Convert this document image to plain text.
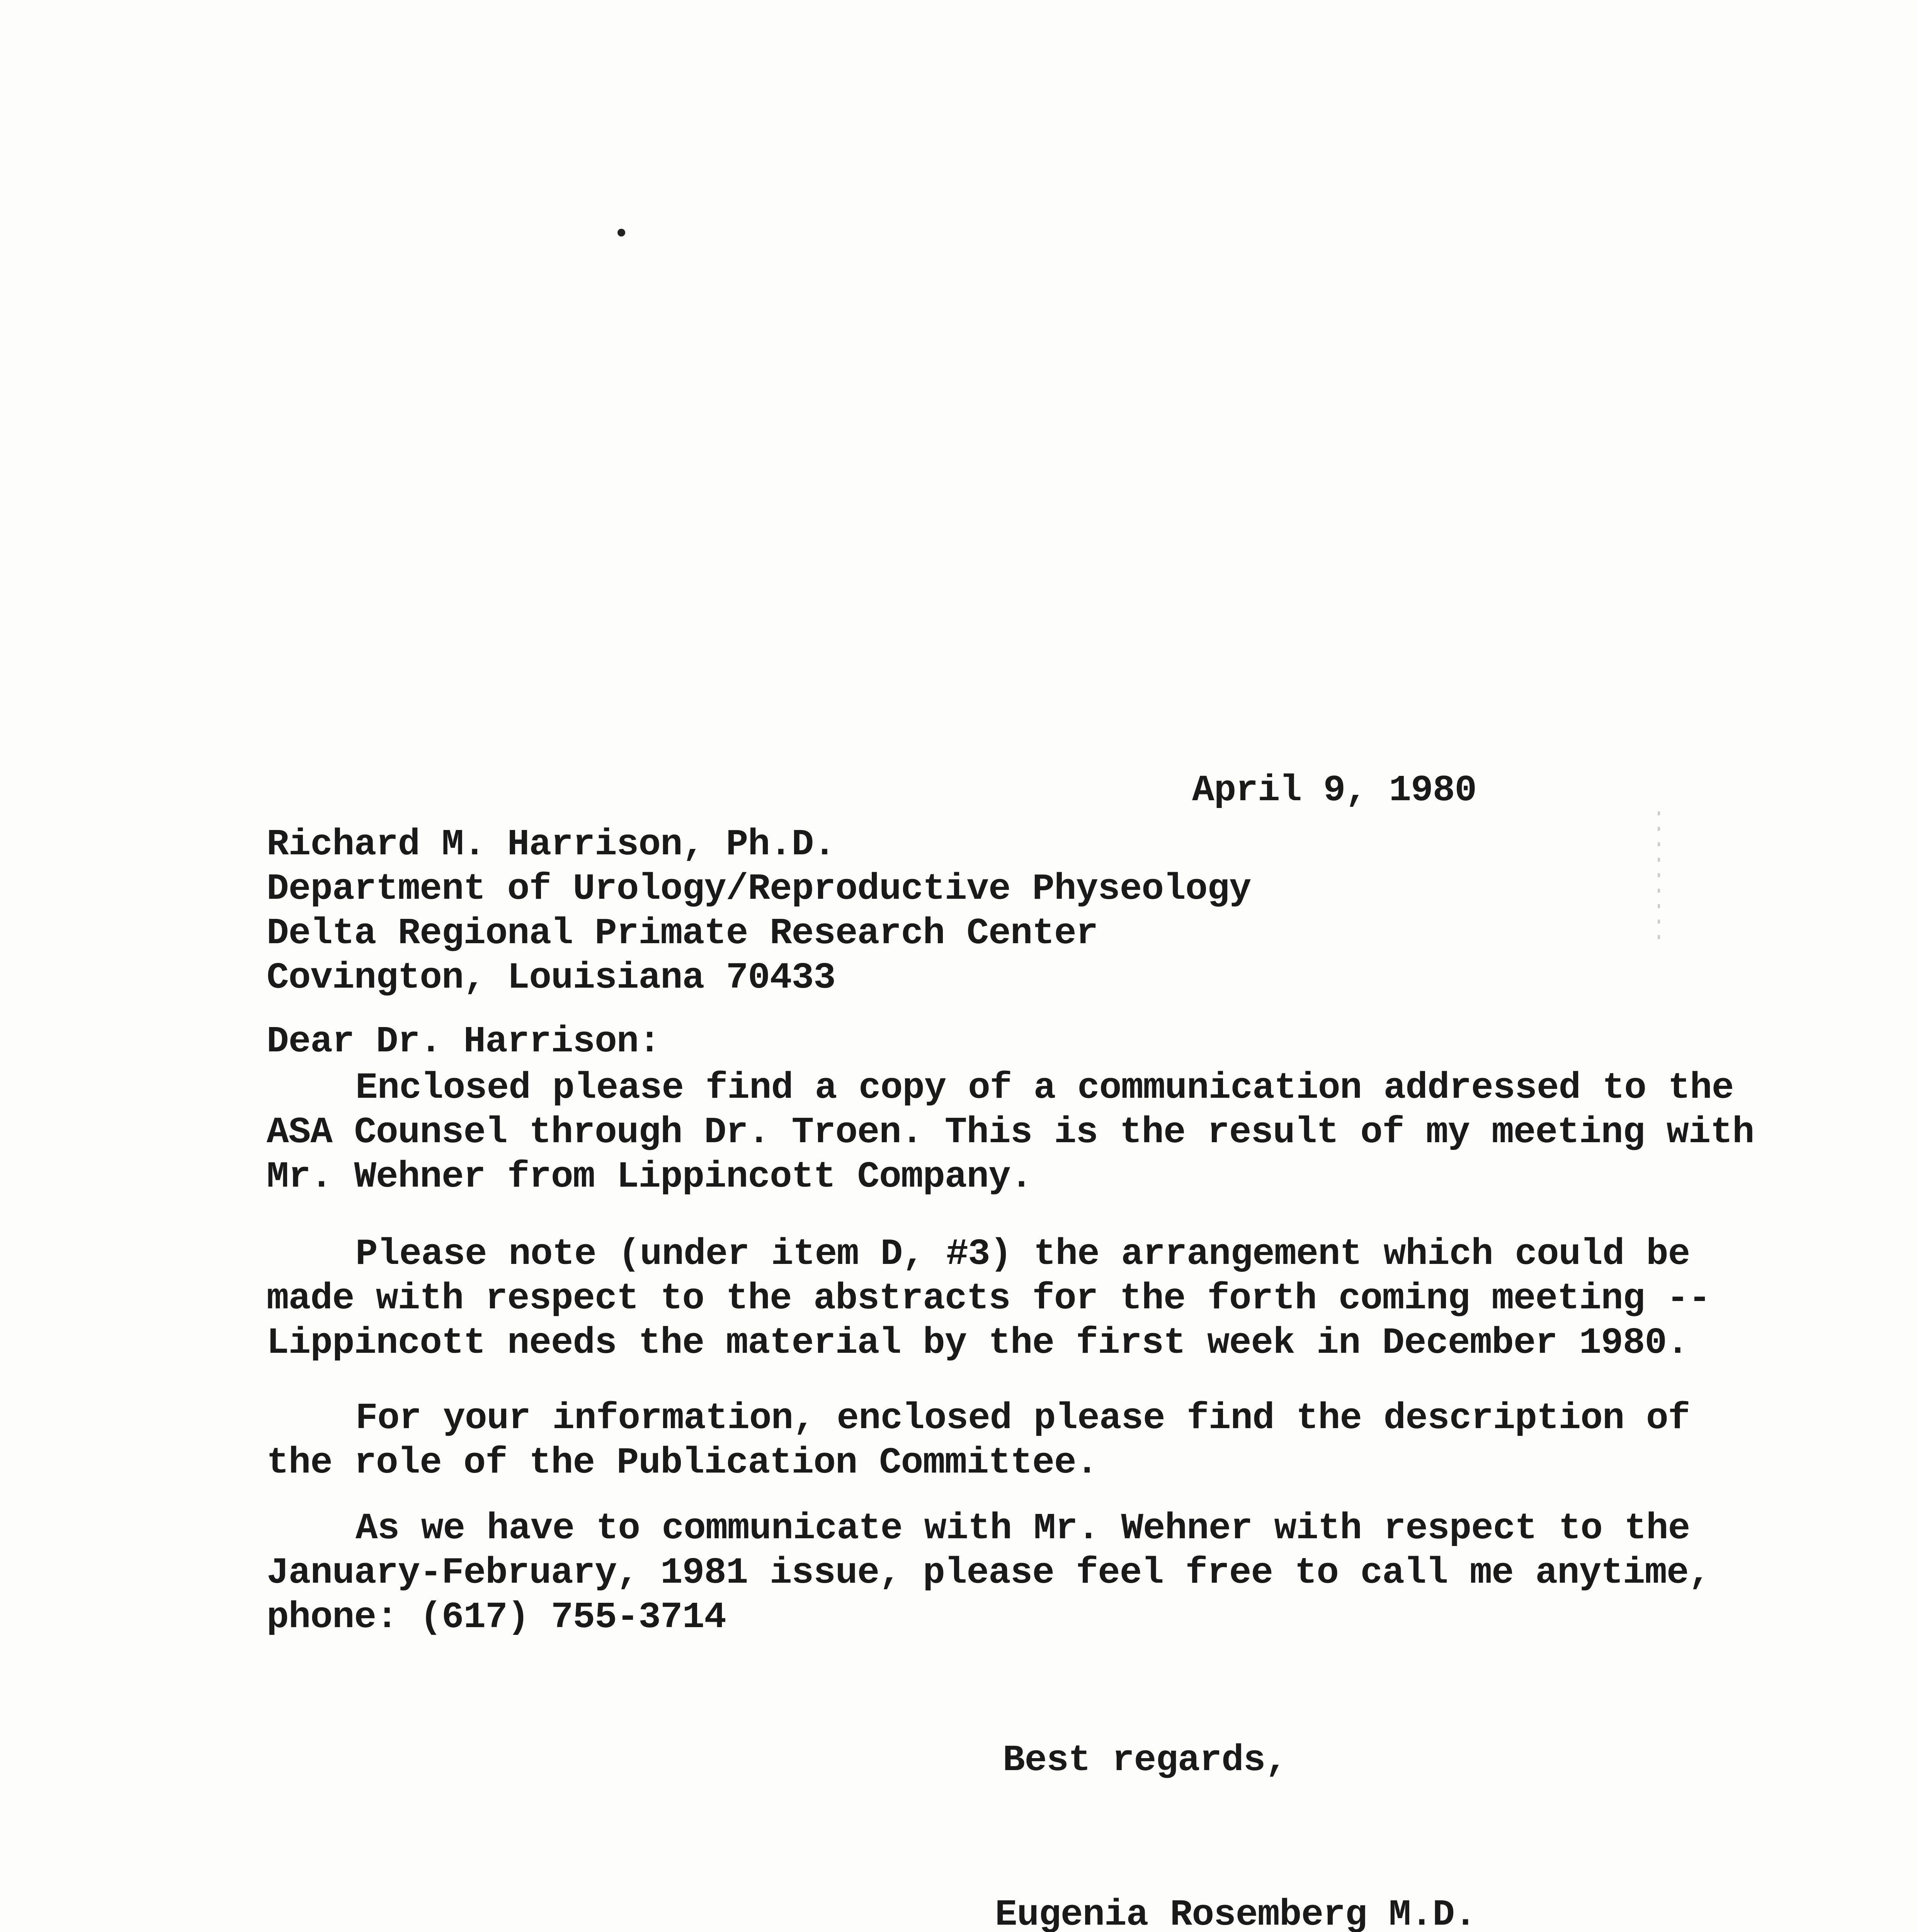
April 9, 1980
Richard M. Harrison, Ph.D.
Department of Urology/Reproductive Physeology
Delta Regional Primate Research Center
Covington, Louisiana 70433
Dear Dr. Harrison:
Enclosed please find a copy of a communication addressed to the
ASA Counsel through Dr. Troen. This is the result of my meeting with
Mr. Wehner from Lippincott Company.
Please note (under item D, #3) the arrangement which could be
made with respect to the abstracts for the forth coming meeting --
Lippincott needs the material by the first week in December 1980.
For your information, enclosed please find the description of
the role of the Publication Committee.
As we have to communicate with Mr. Wehner with respect to the
January-February, 1981 issue, please feel free to call me anytime,
phone: (617) 755-3714
Best regards,
Eugenia Rosemberg M.D.
